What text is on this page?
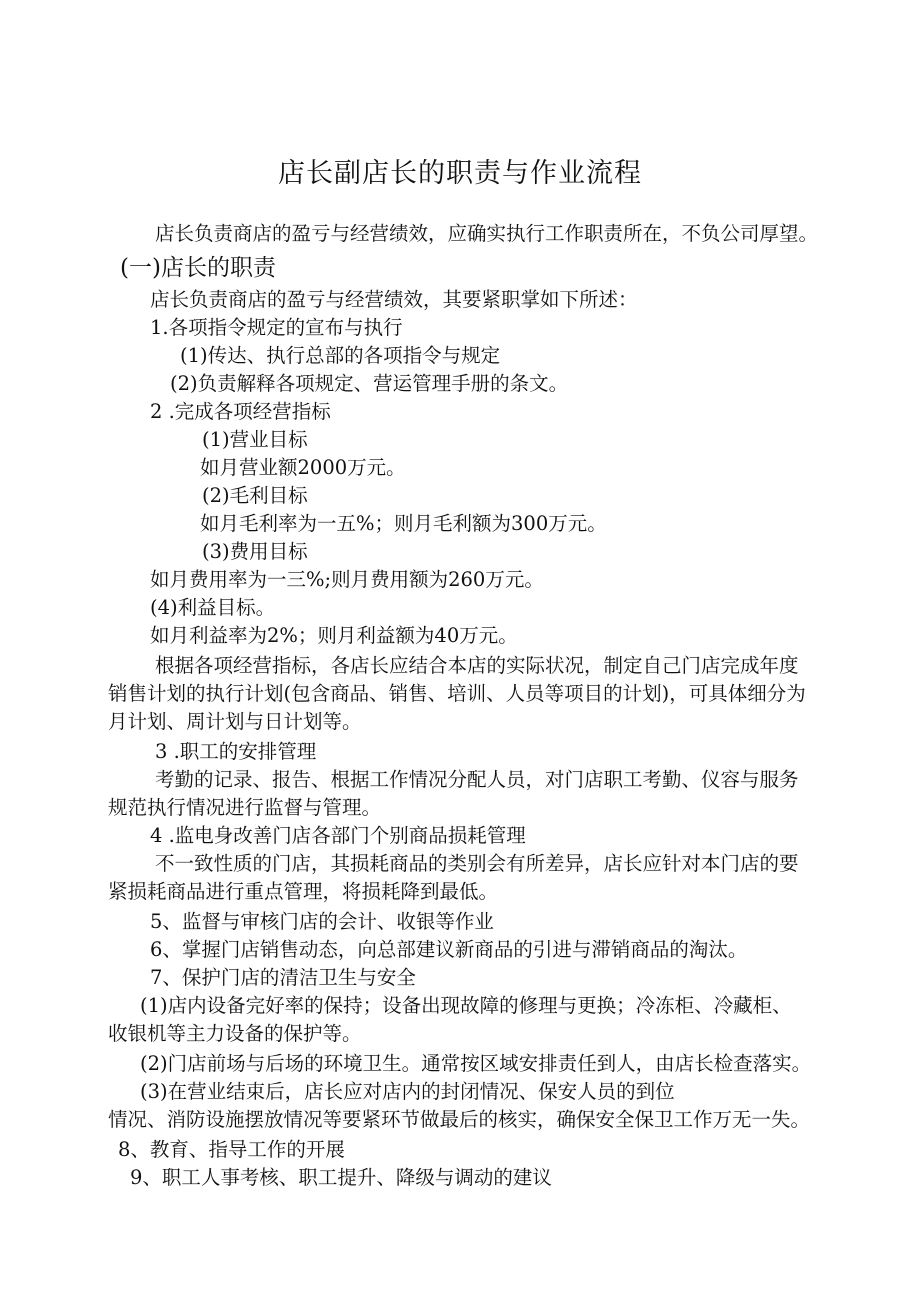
店长副店长的职责与作业流程
店长负责商店的盈亏与经营绩效，应确实执行工作职责所在，不负公司厚望。
(一)店长的职责
店长负责商店的盈亏与经营绩效，其要紧职掌如下所述：
1.各项指令规定的宣布与执行
(1)传达、执行总部的各项指令与规定
(2)负责解释各项规定、营运管理手册的条文。
2 .完成各项经营指标
(1)营业目标
如月营业额2000万元。
(2)毛利目标
如月毛利率为一五%；则月毛利额为300万元。
(3)费用目标
如月费用率为一三%;则月费用额为260万元。
(4)利益目标。
如月利益率为2%；则月利益额为40万元。
根据各项经营指标，各店长应结合本店的实际状况，制定自己门店完成年度
销售计划的执行计划(包含商品、销售、培训、人员等项目的计划)，可具体细分为
月计划、周计划与日计划等。
3 .职工的安排管理
考勤的记录、报告、根据工作情况分配人员，对门店职工考勤、仪容与服务
规范执行情况进行监督与管理。
4 .监电身改善门店各部门个别商品损耗管理
不一致性质的门店，其损耗商品的类别会有所差异，店长应针对本门店的要
紧损耗商品进行重点管理，将损耗降到最低。
5、监督与审核门店的会计、收银等作业
6、掌握门店销售动态，向总部建议新商品的引进与滞销商品的淘汰。
7、保护门店的清洁卫生与安全
(1)店内设备完好率的保持；设备出现故障的修理与更换；冷冻柜、冷藏柜、
收银机等主力设备的保护等。
(2)门店前场与后场的环境卫生。通常按区域安排责任到人，由店长检查落实。
(3)在营业结束后，店长应对店内的封闭情况、保安人员的到位
情况、消防设施摆放情况等要紧环节做最后的核实，确保安全保卫工作万无一失。
8、教育、指导工作的开展
9、职工人事考核、职工提升、降级与调动的建议
